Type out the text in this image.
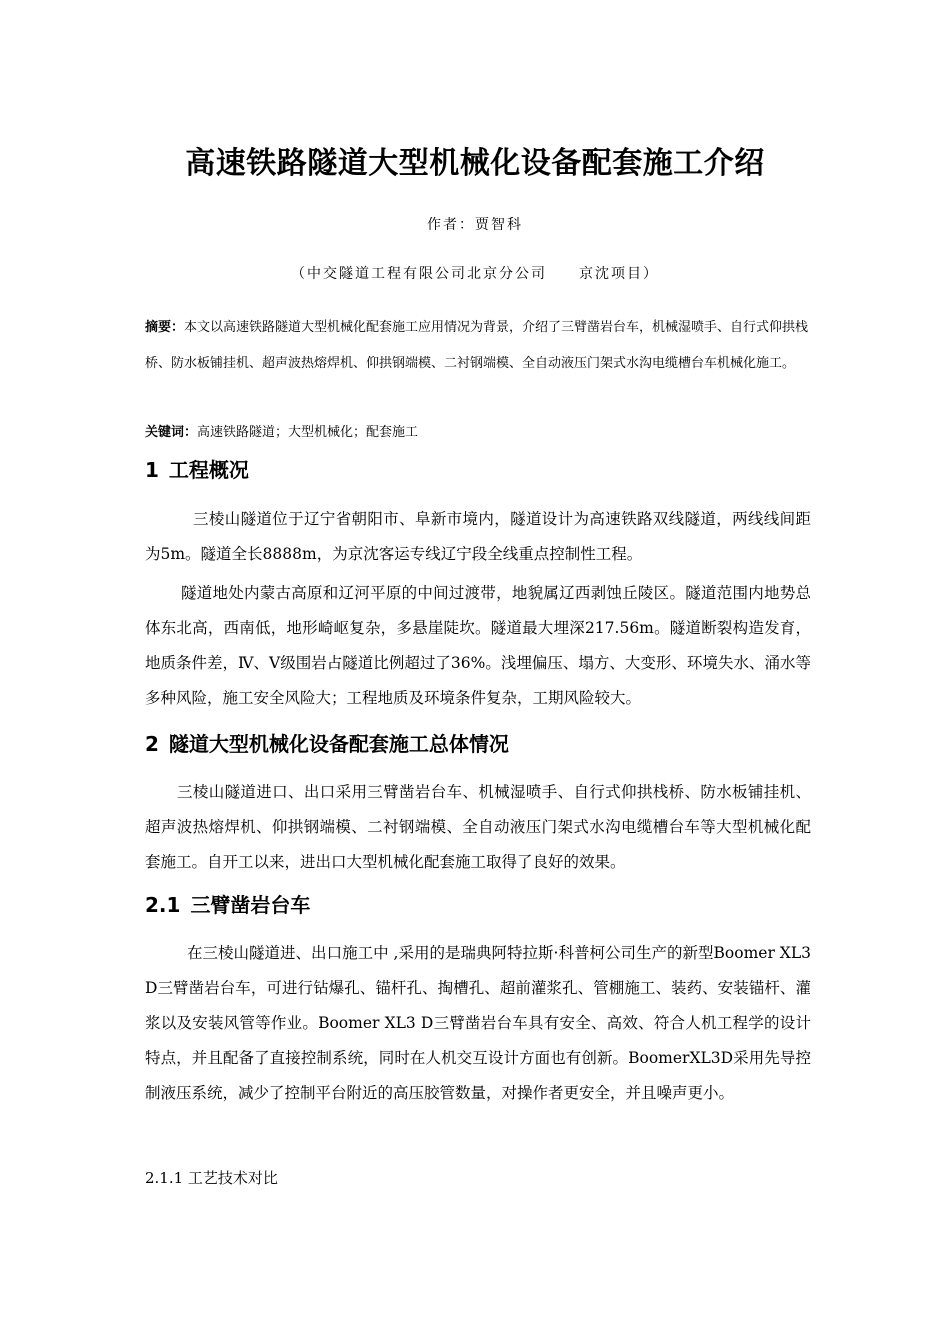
高速铁路隧道大型机械化设备配套施工介绍
作者：贾智科
（中交隧道工程有限公司北京分公司 京沈项目）
摘要：本文以高速铁路隧道大型机械化配套施工应用情况为背景，介绍了三臂凿岩台车，机械湿喷手、自行式仰拱栈桥、防水板铺挂机、超声波热熔焊机、仰拱钢端模、二衬钢端模、全自动液压门架式水沟电缆槽台车机械化施工。
关键词：高速铁路隧道；大型机械化；配套施工
1 工程概况
三棱山隧道位于辽宁省朝阳市、阜新市境内，隧道设计为高速铁路双线隧道，两线线间距为5m。隧道全长8888m，为京沈客运专线辽宁段全线重点控制性工程。
隧道地处内蒙古高原和辽河平原的中间过渡带，地貌属辽西剥蚀丘陵区。隧道范围内地势总体东北高，西南低，地形崎岖复杂，多悬崖陡坎。隧道最大埋深217.56m。隧道断裂构造发育，地质条件差，Ⅳ、Ⅴ级围岩占隧道比例超过了36%。浅埋偏压、塌方、大变形、环境失水、涌水等多种风险，施工安全风险大；工程地质及环境条件复杂，工期风险较大。
2 隧道大型机械化设备配套施工总体情况
三棱山隧道进口、出口采用三臂凿岩台车、机械湿喷手、自行式仰拱栈桥、防水板铺挂机、超声波热熔焊机、仰拱钢端模、二衬钢端模、全自动液压门架式水沟电缆槽台车等大型机械化配套施工。自开工以来，进出口大型机械化配套施工取得了良好的效果。
2.1 三臂凿岩台车
在三棱山隧道进、出口施工中 ,采用的是瑞典阿特拉斯·科普柯公司生产的新型Boomer XL3 D三臂凿岩台车，可进行钻爆孔、锚杆孔、掏槽孔、超前灌浆孔、管棚施工、装药、安装锚杆、灌浆以及安装风管等作业。Boomer XL3 D三臂凿岩台车具有安全、高效、符合人机工程学的设计特点，并且配备了直接控制系统，同时在人机交互设计方面也有创新。BoomerXL3D采用先导控制液压系统，减少了控制平台附近的高压胶管数量，对操作者更安全，并且噪声更小。
2.1.1 工艺技术对比
